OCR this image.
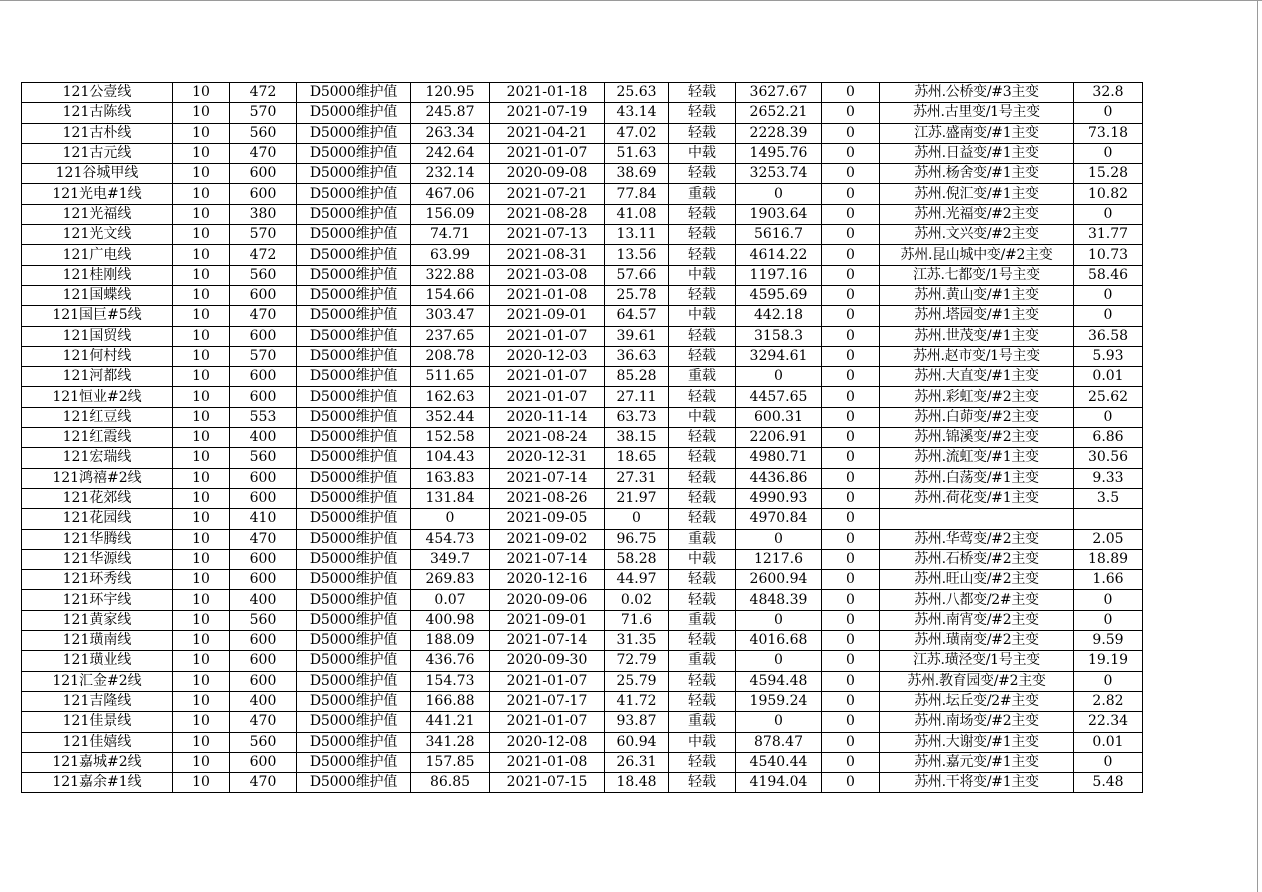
121公壹线	10	472	D5000维护值	120.95	2021-01-18	25.63	轻载	3627.67	0	苏州.公桥变/#3主变	32.8
121古陈线	10	570	D5000维护值	245.87	2021-07-19	43.14	轻载	2652.21	0	苏州.古里变/1号主变	0
121古朴线	10	560	D5000维护值	263.34	2021-04-21	47.02	轻载	2228.39	0	江苏.盛南变/#1主变	73.18
121古元线	10	470	D5000维护值	242.64	2021-01-07	51.63	中载	1495.76	0	苏州.日益变/#1主变	0
121谷城甲线	10	600	D5000维护值	232.14	2020-09-08	38.69	轻载	3253.74	0	苏州.杨舍变/#1主变	15.28
121光电#1线	10	600	D5000维护值	467.06	2021-07-21	77.84	重载	0	0	苏州.倪汇变/#1主变	10.82
121光福线	10	380	D5000维护值	156.09	2021-08-28	41.08	轻载	1903.64	0	苏州.光福变/#2主变	0
121光文线	10	570	D5000维护值	74.71	2021-07-13	13.11	轻载	5616.7	0	苏州.文兴变/#2主变	31.77
121广电线	10	472	D5000维护值	63.99	2021-08-31	13.56	轻载	4614.22	0	苏州.昆山城中变/#2主变	10.73
121桂刚线	10	560	D5000维护值	322.88	2021-03-08	57.66	中载	1197.16	0	江苏.七都变/1号主变	58.46
121国蝶线	10	600	D5000维护值	154.66	2021-01-08	25.78	轻载	4595.69	0	苏州.黄山变/#1主变	0
121国巨#5线	10	470	D5000维护值	303.47	2021-09-01	64.57	中载	442.18	0	苏州.塔园变/#1主变	0
121国贸线	10	600	D5000维护值	237.65	2021-01-07	39.61	轻载	3158.3	0	苏州.世茂变/#1主变	36.58
121何村线	10	570	D5000维护值	208.78	2020-12-03	36.63	轻载	3294.61	0	苏州.赵市变/1号主变	5.93
121河都线	10	600	D5000维护值	511.65	2021-01-07	85.28	重载	0	0	苏州.大直变/#1主变	0.01
121恒业#2线	10	600	D5000维护值	162.63	2021-01-07	27.11	轻载	4457.65	0	苏州.彩虹变/#2主变	25.62
121红豆线	10	553	D5000维护值	352.44	2020-11-14	63.73	中载	600.31	0	苏州.白茆变/#2主变	0
121红霞线	10	400	D5000维护值	152.58	2021-08-24	38.15	轻载	2206.91	0	苏州.锦溪变/#2主变	6.86
121宏瑞线	10	560	D5000维护值	104.43	2020-12-31	18.65	轻载	4980.71	0	苏州.流虹变/#1主变	30.56
121鸿禧#2线	10	600	D5000维护值	163.83	2021-07-14	27.31	轻载	4436.86	0	苏州.白荡变/#1主变	9.33
121花郊线	10	600	D5000维护值	131.84	2021-08-26	21.97	轻载	4990.93	0	苏州.荷花变/#1主变	3.5
121花园线	10	410	D5000维护值	0	2021-09-05	0	轻载	4970.84	0		
121华腾线	10	470	D5000维护值	454.73	2021-09-02	96.75	重载	0	0	苏州.华莺变/#2主变	2.05
121华源线	10	600	D5000维护值	349.7	2021-07-14	58.28	中载	1217.6	0	苏州.石桥变/#2主变	18.89
121环秀线	10	600	D5000维护值	269.83	2020-12-16	44.97	轻载	2600.94	0	苏州.旺山变/#2主变	1.66
121环宇线	10	400	D5000维护值	0.07	2020-09-06	0.02	轻载	4848.39	0	苏州.八都变/2#主变	0
121黄家线	10	560	D5000维护值	400.98	2021-09-01	71.6	重载	0	0	苏州.南宵变/#2主变	0
121璜南线	10	600	D5000维护值	188.09	2021-07-14	31.35	轻载	4016.68	0	苏州.璜南变/#2主变	9.59
121璜业线	10	600	D5000维护值	436.76	2020-09-30	72.79	重载	0	0	江苏.璜泾变/1号主变	19.19
121汇金#2线	10	600	D5000维护值	154.73	2021-01-07	25.79	轻载	4594.48	0	苏州.教育园变/#2主变	0
121吉隆线	10	400	D5000维护值	166.88	2021-07-17	41.72	轻载	1959.24	0	苏州.坛丘变/2#主变	2.82
121佳景线	10	470	D5000维护值	441.21	2021-01-07	93.87	重载	0	0	苏州.南场变/#2主变	22.34
121佳嬉线	10	560	D5000维护值	341.28	2020-12-08	60.94	中载	878.47	0	苏州.大谢变/#1主变	0.01
121嘉城#2线	10	600	D5000维护值	157.85	2021-01-08	26.31	轻载	4540.44	0	苏州.嘉元变/#1主变	0
121嘉余#1线	10	470	D5000维护值	86.85	2021-07-15	18.48	轻载	4194.04	0	苏州.干将变/#1主变	5.48
